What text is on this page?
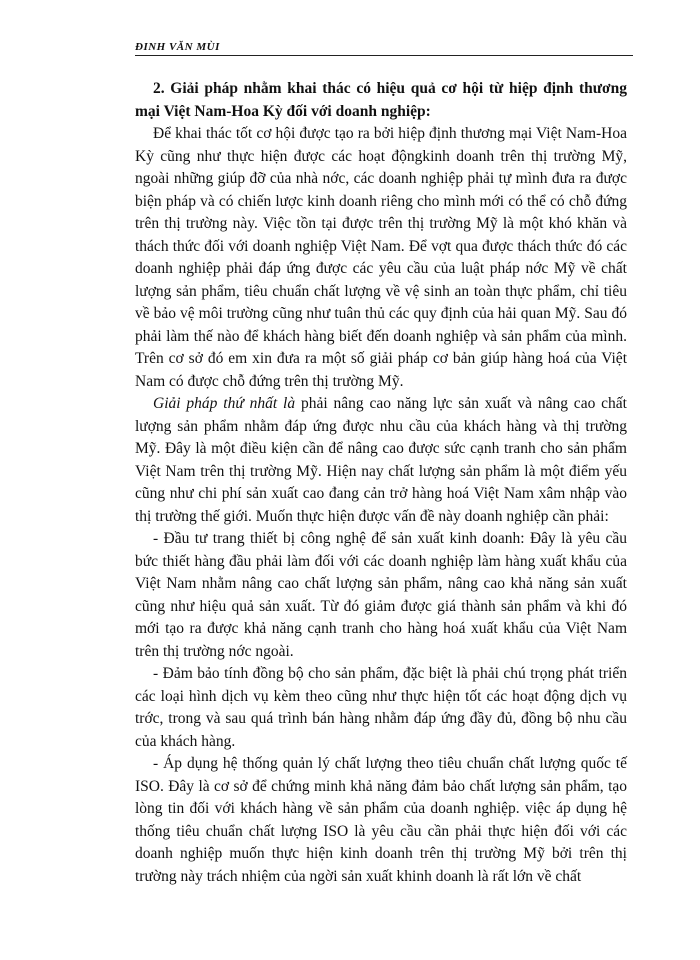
ĐINH VĂN MÙI

2. Giải pháp nhằm khai thác có hiệu quả cơ hội từ hiệp định thương mại Việt Nam-Hoa Kỳ đối với doanh nghiệp:

Để khai thác tốt cơ hội được tạo ra bởi hiệp định thương mại Việt Nam-Hoa Kỳ cũng như thực hiện được các hoạt độngkinh doanh trên thị trường Mỹ, ngoài những giúp đỡ của nhà nớc, các doanh nghiệp phải tự mình đưa ra được biện pháp và có chiến lược kinh doanh riêng cho mình mới có thể có chỗ đứng trên thị trường này. Việc tồn tại được trên thị trường Mỹ là một khó khăn và thách thức đối với doanh nghiệp Việt Nam. Để vợt qua được thách thức đó các doanh nghiệp phải đáp ứng được các yêu cầu của luật pháp nớc Mỹ về chất lượng sản phẩm, tiêu chuẩn chất lượng về vệ sinh an toàn thực phẩm, chỉ tiêu về bảo vệ môi trường cũng như tuân thủ các quy định của hải quan Mỹ. Sau đó phải làm thế nào để khách hàng biết đến doanh nghiệp và sản phẩm của mình. Trên cơ sở đó em xin đưa ra một số giải pháp cơ bản giúp hàng hoá của Việt Nam có được chỗ đứng trên thị trường Mỹ.

Giải pháp thứ nhất là phải nâng cao năng lực sản xuất và nâng cao chất lượng sản phẩm nhằm đáp ứng được nhu cầu của khách hàng và thị trường Mỹ. Đây là một điều kiện cần để nâng cao được sức cạnh tranh cho sản phẩm Việt Nam trên thị trường Mỹ. Hiện nay chất lượng sản phẩm là một điểm yếu cũng như chi phí sản xuất cao đang cản trở hàng hoá Việt Nam xâm nhập vào thị trường thế giới. Muốn thực hiện được vấn đề này doanh nghiệp cần phải:

- Đầu tư trang thiết bị công nghệ để sản xuất kinh doanh: Đây là yêu cầu bức thiết hàng đầu phải làm đối với các doanh nghiệp làm hàng xuất khẩu của Việt Nam nhằm nâng cao chất lượng sản phẩm, nâng cao khả năng sản xuất cũng như hiệu quả sản xuất. Từ đó giảm được giá thành sản phẩm và khi đó mới tạo ra được khả năng cạnh tranh cho hàng hoá xuất khẩu của Việt Nam trên thị trường nớc ngoài.

- Đảm bảo tính đồng bộ cho sản phẩm, đặc biệt là phải chú trọng phát triển các loại hình dịch vụ kèm theo cũng như thực hiện tốt các hoạt động dịch vụ trớc, trong và sau quá trình bán hàng nhằm đáp ứng đầy đủ, đồng bộ nhu cầu của khách hàng.

- Áp dụng hệ thống quản lý chất lượng theo tiêu chuẩn chất lượng quốc tế ISO. Đây là cơ sở để chứng minh khả năng đảm bảo chất lượng sản phẩm, tạo lòng tin đối với khách hàng về sản phẩm của doanh nghiệp. việc áp dụng hệ thống tiêu chuẩn chất lượng ISO là yêu cầu cần phải thực hiện đối với các doanh nghiệp muốn thực hiện kinh doanh trên thị trường Mỹ bởi trên thị trường này trách nhiệm của ngời sản xuất khinh doanh là rất lớn về chất
